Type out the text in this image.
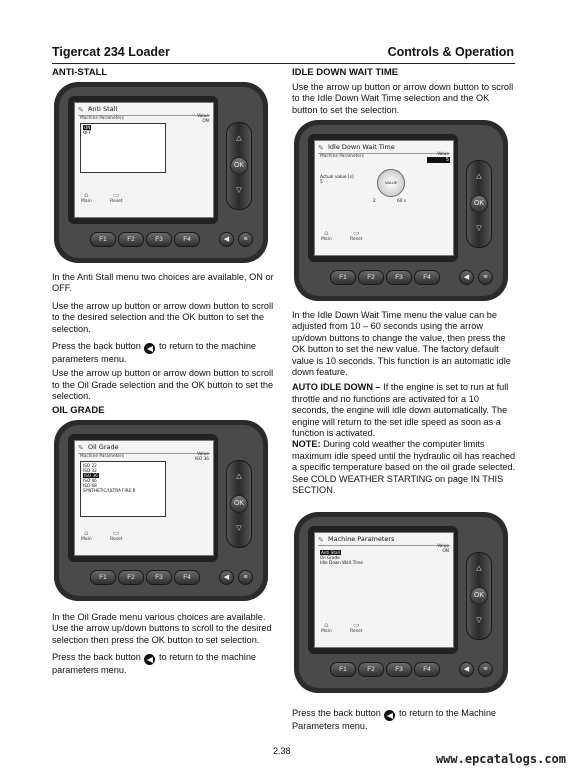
Tigercat 234 Loader	Controls & Operation
ANTI-STALL
✎ Anti Stall
Machine Parameters	Value
ON
ON
OFF
⌂
Main
▭
Reset
△
OK
▽
F1	F2	F3	F4	◀	≡

In the Anti Stall menu two choices are available, ON or OFF.

Use the arrow up button or arrow down button to scroll to the desired selection and the OK button to set the selection.

Press the back button ◀ to return to the machine parameters menu.

Use the arrow up button or arrow down button to scroll to the Oil Grade selection and the OK button to set the selection.

OIL GRADE
✎ Oil Grade
Machine Parameters	Value
ISO 36
ISO 22
ISO 32
ISO 36
ISO 46
ISO 68
SYNTHETIC/ULTRA FIRE R
⌂
Main
▭
Reset
△
OK
▽
F1	F2	F3	F4	◀	≡

In the Oil Grade menu various choices are available. Use the arrow up/down buttons to scroll to the desired selection then press the OK button to set selection.

Press the back button ◀ to return to the machine parameters menu.

IDLE DOWN WAIT TIME

Use the arrow up button or arrow down button to scroll to the Idle Down Wait Time selection and the OK button to set the selection.

✎ Idle Down Wait Time
Machine Parameters	Value
5
Actual value [s]
5	VALUE
2	60 s
⌂
Main
▭
Reset
△
OK
▽
F1	F2	F3	F4	◀	≡

In the Idle Down Wait Time menu the value can be adjusted from 10 – 60 seconds using the arrow up/down buttons to change the value, then press the OK button to set the new value. The factory default value is 10 seconds. This function is an automatic idle down feature.

AUTO IDLE DOWN – If the engine is set to run at full throttle and no functions are activated for a 10 seconds, the engine will idle down automatically. The engine will return to the set idle speed as soon as a function is activated.

NOTE: During cold weather the computer limits maximum idle speed until the hydraulic oil has reached a specific temperature based on the oil grade selected. See COLD WEATHER STARTING on page IN THIS SECTION.

✎ Machine Parameters
Value
ON
Anti Stall
Oil Grade
Idle Down Wait Time
⌂
Main
▭
Reset
△
OK
▽
F1	F2	F3	F4	◀	≡

Press the back button ◀ to return to the Machine Parameters menu.

2.38
www.epcatalogs.com
